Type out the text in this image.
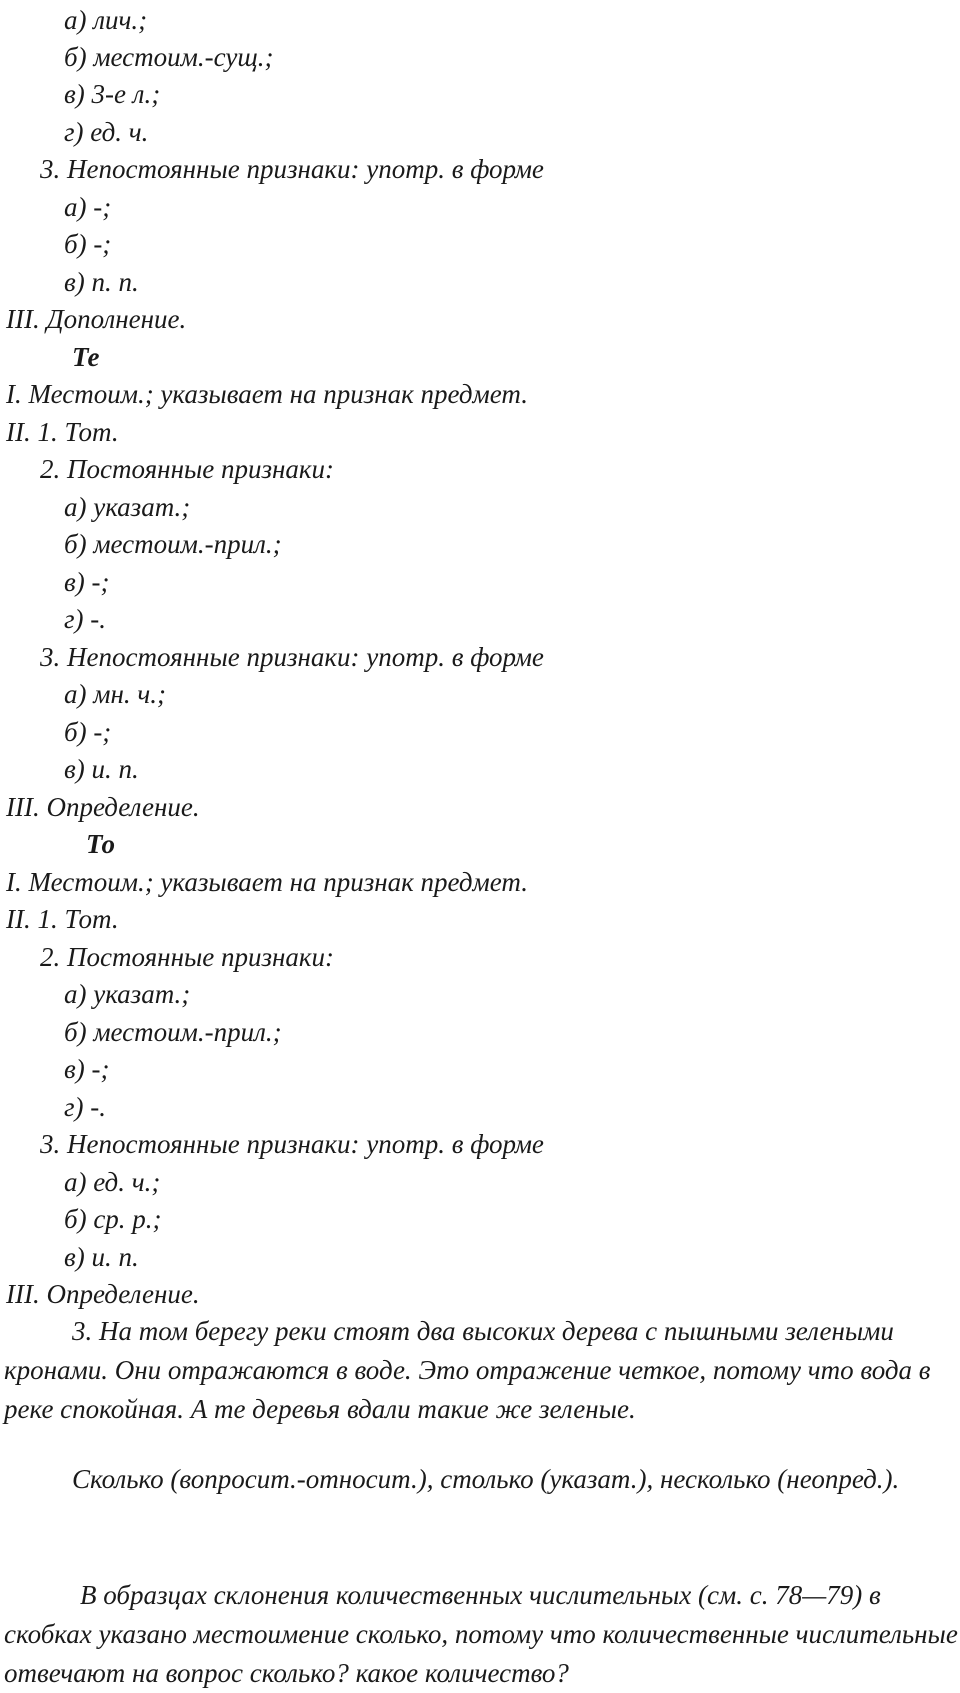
а) лич.;
б) местоим.-сущ.;
в) 3-е л.;
г) ед. ч.
3. Непостоянные признаки: употр. в форме
а) -;
б) -;
в) п. п.
III. Дополнение.
Те
I. Местоим.; указывает на признак предмет.
II. 1. Тот.
2. Постоянные признаки:
а) указат.;
б) местоим.-прил.;
в) -;
г) -.
3. Непостоянные признаки: употр. в форме
а) мн. ч.;
б) -;
в) и. п.
III. Определение.
То
I. Местоим.; указывает на признак предмет.
II. 1. Тот.
2. Постоянные признаки:
а) указат.;
б) местоим.-прил.;
в) -;
г) -.
3. Непостоянные признаки: употр. в форме
а) ед. ч.;
б) ср. р.;
в) и. п.
III. Определение.
3. На том берегу реки стоят два высоких дерева с пышными зелеными кронами. Они отражаются в воде. Это отражение четкое, потому что вода в реке спокойная. А те деревья вдали такие же зеленые.
Сколько (вопросит.-относит.), столько (указат.), несколько (неопред.).
В образцах склонения количественных числительных (см. с. 78—79) в скобках указано местоимение сколько, потому что количественные числительные отвечают на вопрос сколько? какое количество?
